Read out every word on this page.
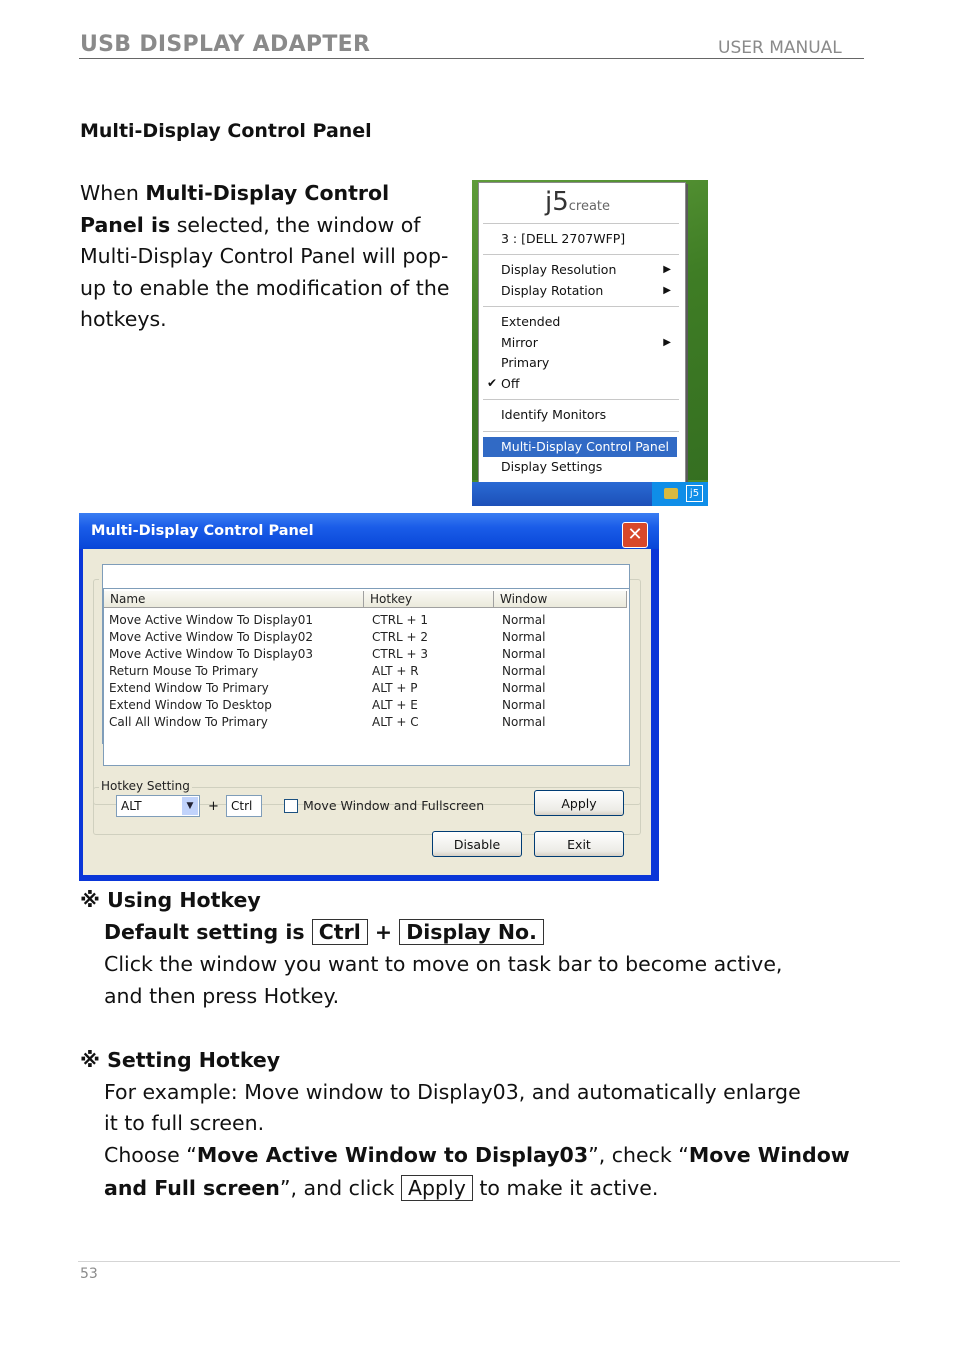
USB DISPLAY ADAPTER	USER MANUAL
Multi-Display Control Panel
When Multi-Display Control Panel is selected, the window of Multi-Display Control Panel will pop-up to enable the modification of the hotkeys.
j5create
3 : [DELL 2707WFP]
Display Resolution	▶
Display Rotation	▶
Extended
Mirror	▶
Primary
✔ Off
Identify Monitors
Multi-Display Control Panel
Display Settings
j5
Multi-Display Control Panel	✕
Hotkey Setting
Name	Hotkey	Window
Move Active Window To Display01	CTRL + 1	Normal
Move Active Window To Display02	CTRL + 2	Normal
Move Active Window To Display03	CTRL + 3	Normal
Return Mouse To Primary	ALT + R	Normal
Extend Window To Primary	ALT + P	Normal
Extend Window To Desktop	ALT + E	Normal
Call All Window To Primary	ALT + C	Normal
ALT	▼	+	Ctrl	Move Window and Fullscreen	Apply
Disable	Exit
※ Using Hotkey
Default setting is Ctrl + Display No.
Click the window you want to move on task bar to become active,
and then press Hotkey.
※ Setting Hotkey
For example: Move window to Display03, and automatically enlarge
it to full screen.
Choose “Move Active Window to Display03”, check “Move Window
and Full screen”, and click Apply to make it active.
53
